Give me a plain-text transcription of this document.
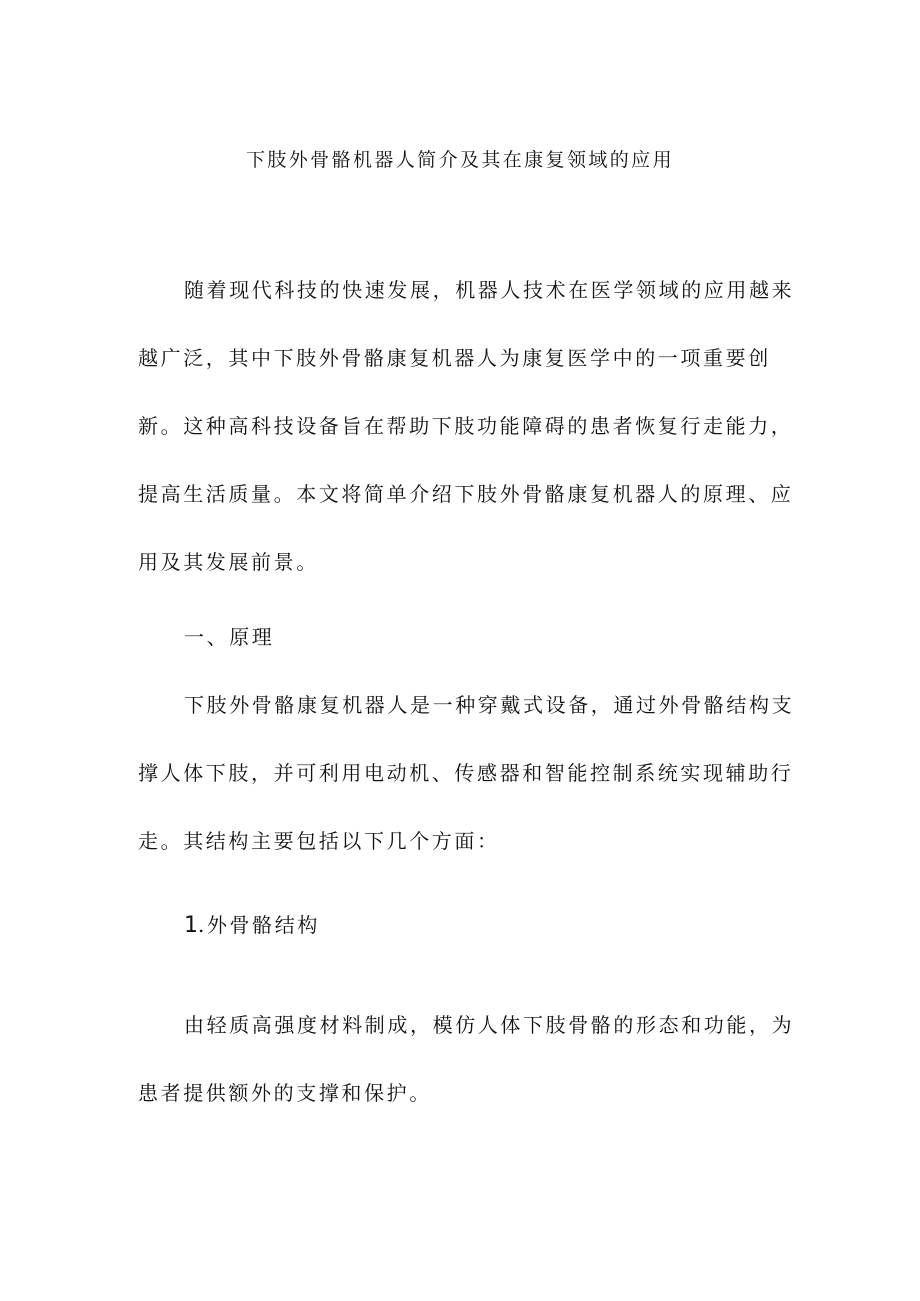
下肢外骨骼机器人简介及其在康复领域的应用

随着现代科技的快速发展，机器人技术在医学领域的应用越来越广泛，其中下肢外骨骼康复机器人为康复医学中的一项重要创新。这种高科技设备旨在帮助下肢功能障碍的患者恢复行走能力，提高生活质量。本文将简单介绍下肢外骨骼康复机器人的原理、应用及其发展前景。

一、原理

下肢外骨骼康复机器人是一种穿戴式设备，通过外骨骼结构支撑人体下肢，并可利用电动机、传感器和智能控制系统实现辅助行走。其结构主要包括以下几个方面：

1.外骨骼结构

由轻质高强度材料制成，模仿人体下肢骨骼的形态和功能，为患者提供额外的支撑和保护。
